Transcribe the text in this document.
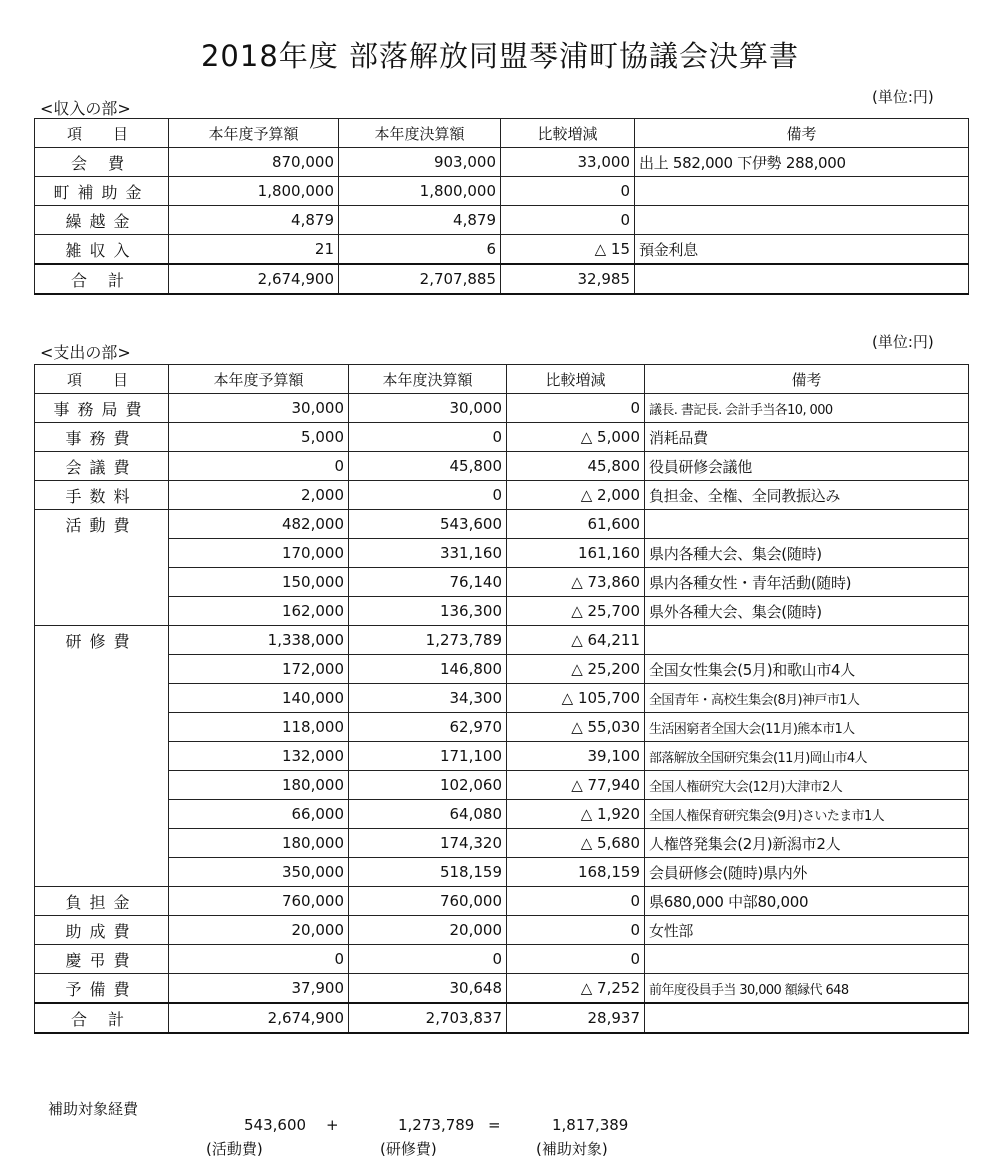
2018年度 部落解放同盟琴浦町協議会決算書
<収入の部>
(単位:円)
項　目	本年度予算額	本年度決算額	比較増減	備考
会 費	870,000	903,000	33,000	出上 582,000 下伊勢 288,000
町補助金	1,800,000	1,800,000	0	
繰越金	4,879	4,879	0	
雑収入	21	6	△ 15	預金利息
合 計	2,674,900	2,707,885	32,985	
<支出の部>
(単位:円)
項　目	本年度予算額	本年度決算額	比較増減	備考
事務局費	30,000	30,000	0	議長. 書記長. 会計手当各10, 000
事務費	5,000	0	△ 5,000	消耗品費
会議費	0	45,800	45,800	役員研修会議他
手数料	2,000	0	△ 2,000	負担金、全権、全同教振込み
活動費	482,000	543,600	61,600	
	170,000	331,160	161,160	県内各種大会、集会(随時)
	150,000	76,140	△ 73,860	県内各種女性・青年活動(随時)
	162,000	136,300	△ 25,700	県外各種大会、集会(随時)
研修費	1,338,000	1,273,789	△ 64,211	
	172,000	146,800	△ 25,200	全国女性集会(5月)和歌山市4人
	140,000	34,300	△ 105,700	全国青年・高校生集会(8月)神戸市1人
	118,000	62,970	△ 55,030	生活困窮者全国大会(11月)熊本市1人
	132,000	171,100	39,100	部落解放全国研究集会(11月)岡山市4人
	180,000	102,060	△ 77,940	全国人権研究大会(12月)大津市2人
	66,000	64,080	△ 1,920	全国人権保育研究集会(9月)さいたま市1人
	180,000	174,320	△ 5,680	人権啓発集会(2月)新潟市2人
	350,000	518,159	168,159	会員研修会(随時)県内外
負担金	760,000	760,000	0	県680,000 中部80,000
助成費	20,000	20,000	0	女性部
慶弔費	0	0	0	
予備費	37,900	30,648	△ 7,252	前年度役員手当 30,000 額縁代 648
合 計	2,674,900	2,703,837	28,937	
補助対象経費
543,600 +	1,273,789 =	1,817,389
(活動費)	(研修費)	(補助対象)
